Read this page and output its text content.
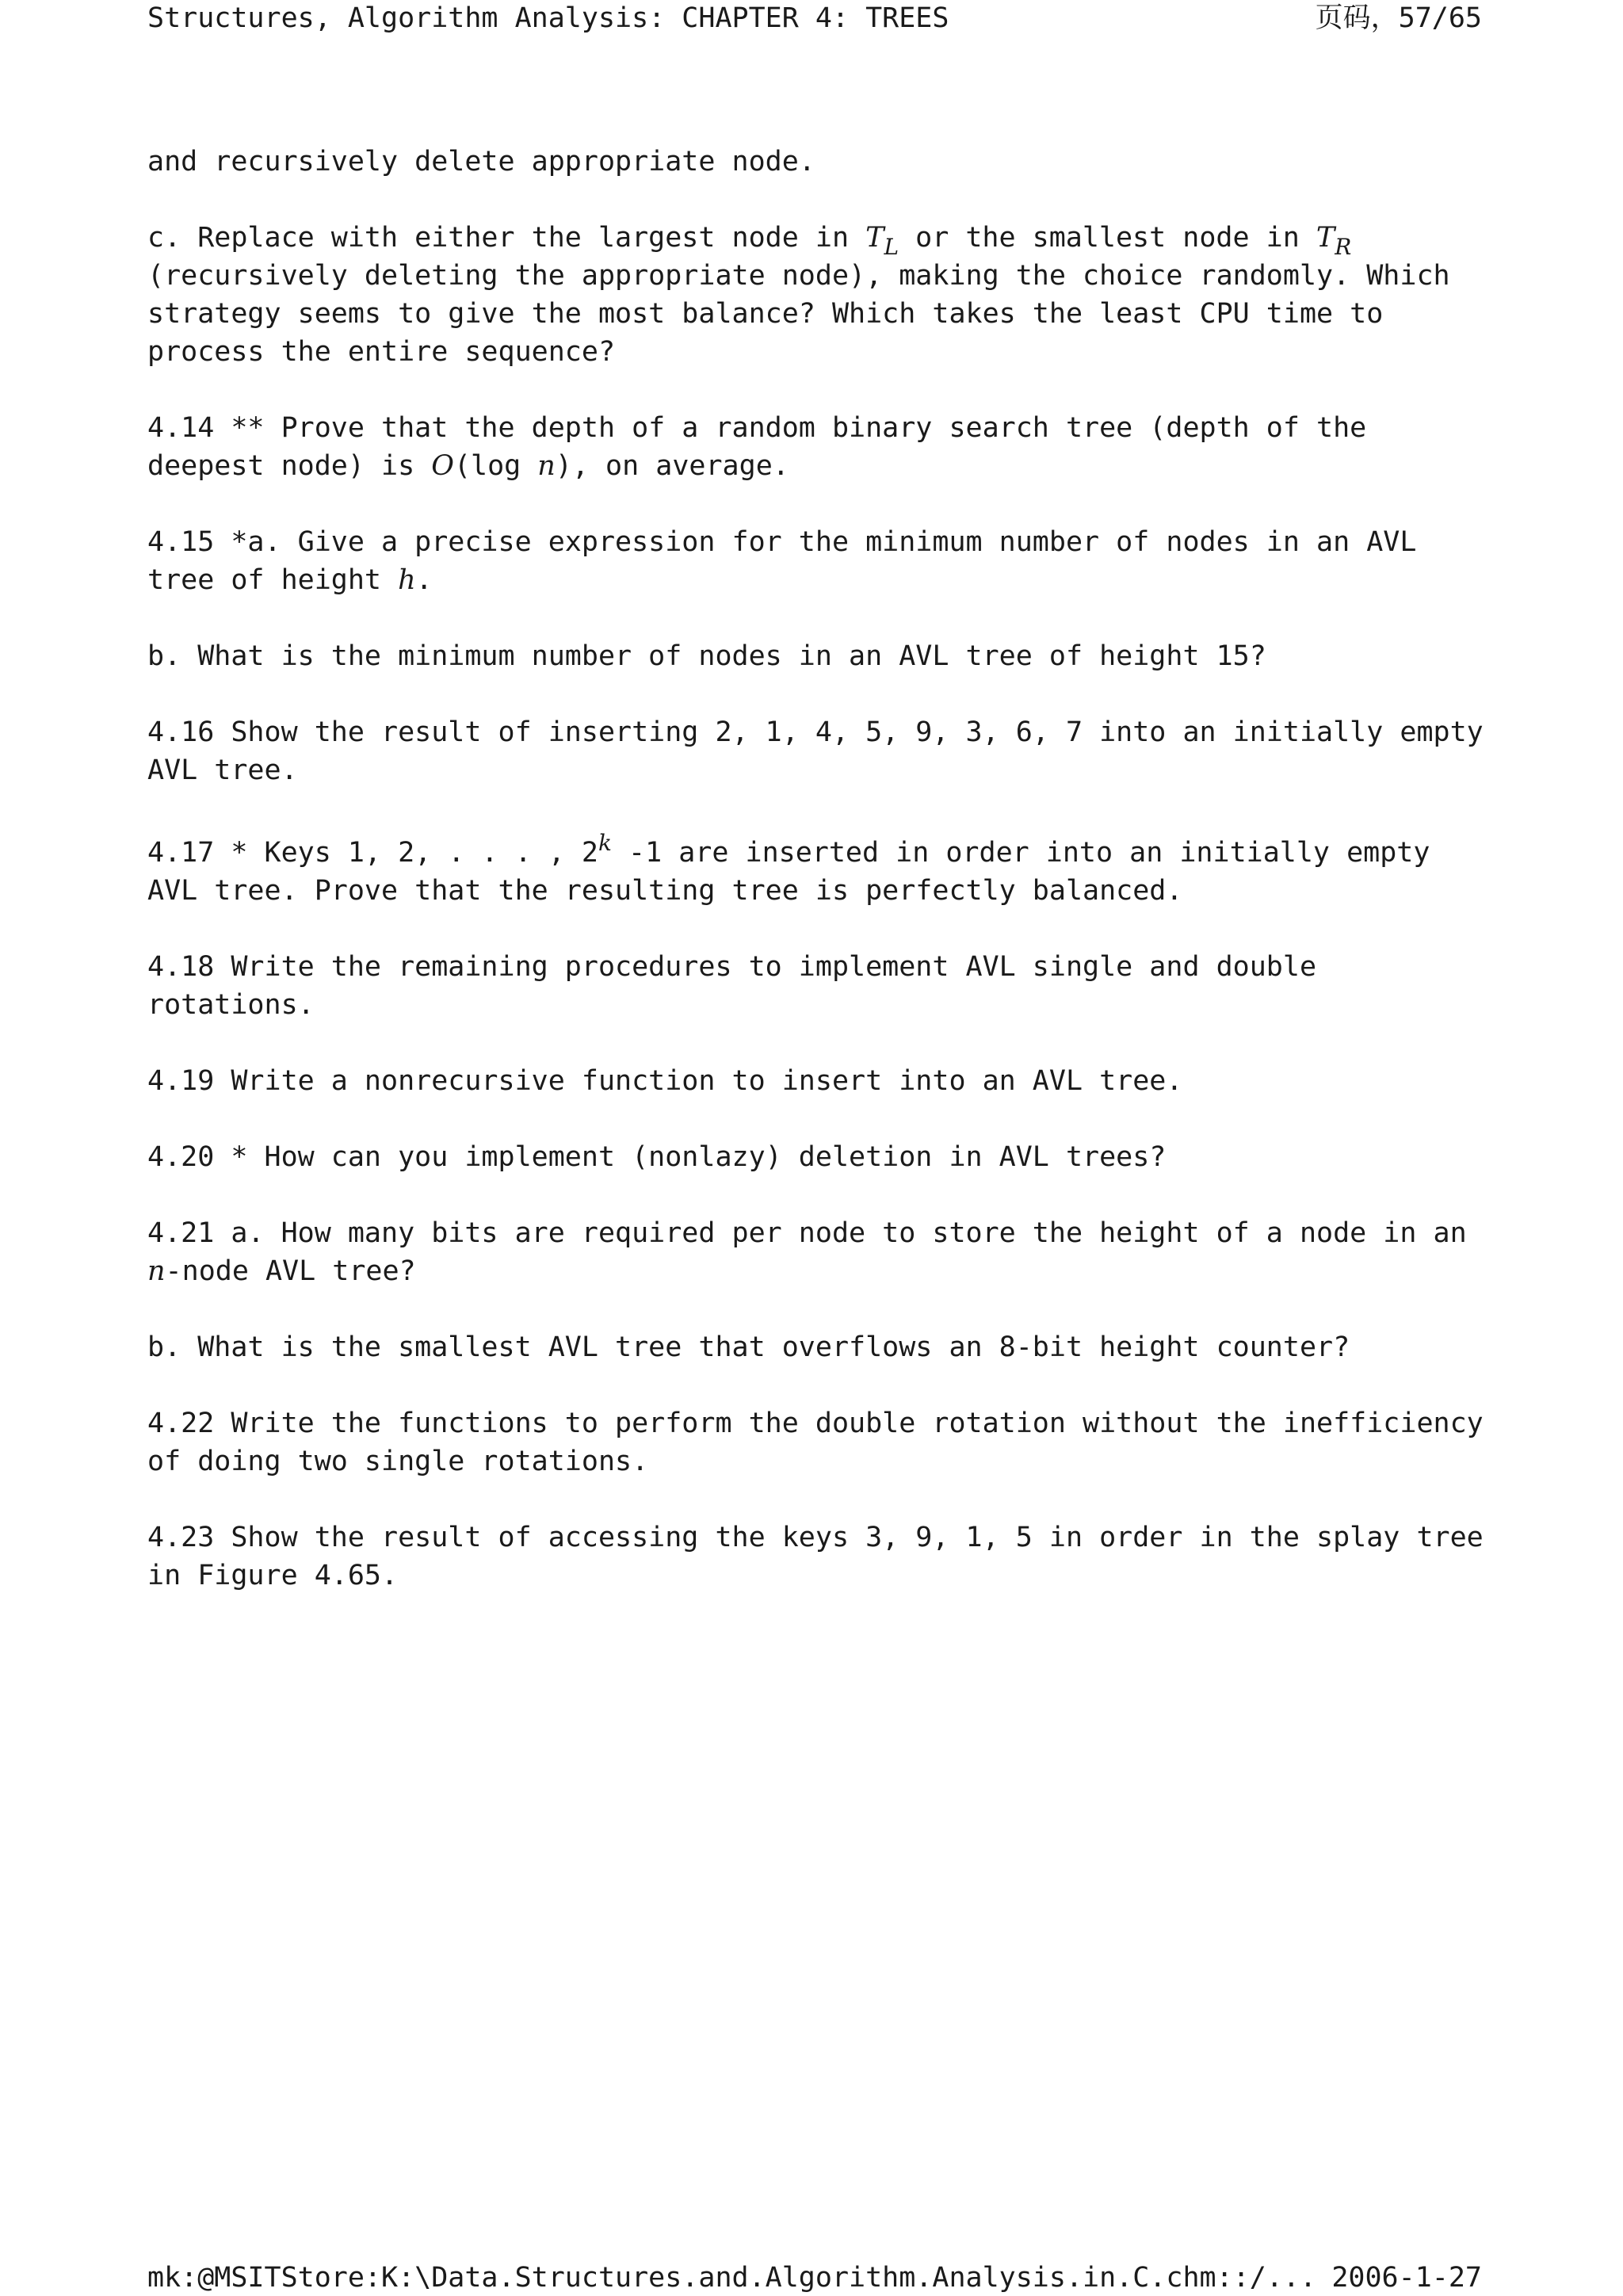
Structures, Algorithm Analysis: CHAPTER 4: TREES	页码，57/65

and recursively delete appropriate node.

c. Replace with either the largest node in $T_L$ or the smallest node in $T_R$
(recursively deleting the appropriate node), making the choice randomly. Which strategy seems to give the most balance? Which takes the least CPU time to process the entire sequence?

4.14 ** Prove that the depth of a random binary search tree (depth of the deepest node) is O(log n), on average.

4.15 *a. Give a precise expression for the minimum number of nodes in an AVL tree of height h.

b. What is the minimum number of nodes in an AVL tree of height 15?

4.16 Show the result of inserting 2, 1, 4, 5, 9, 3, 6, 7 into an initially empty AVL tree.

4.17 * Keys 1, 2, . . . , 2$^k$ -1 are inserted in order into an initially empty AVL tree. Prove that the resulting tree is perfectly balanced.

4.18 Write the remaining procedures to implement AVL single and double rotations.

4.19 Write a nonrecursive function to insert into an AVL tree.

4.20 * How can you implement (nonlazy) deletion in AVL trees?

4.21 a. How many bits are required per node to store the height of a node in an n-node AVL tree?

b. What is the smallest AVL tree that overflows an 8-bit height counter?

4.22 Write the functions to perform the double rotation without the inefficiency of doing two single rotations.

4.23 Show the result of accessing the keys 3, 9, 1, 5 in order in the splay tree in Figure 4.65.

mk:@MSITStore:K:\Data.Structures.and.Algorithm.Analysis.in.C.chm::/... 2006-1-27
